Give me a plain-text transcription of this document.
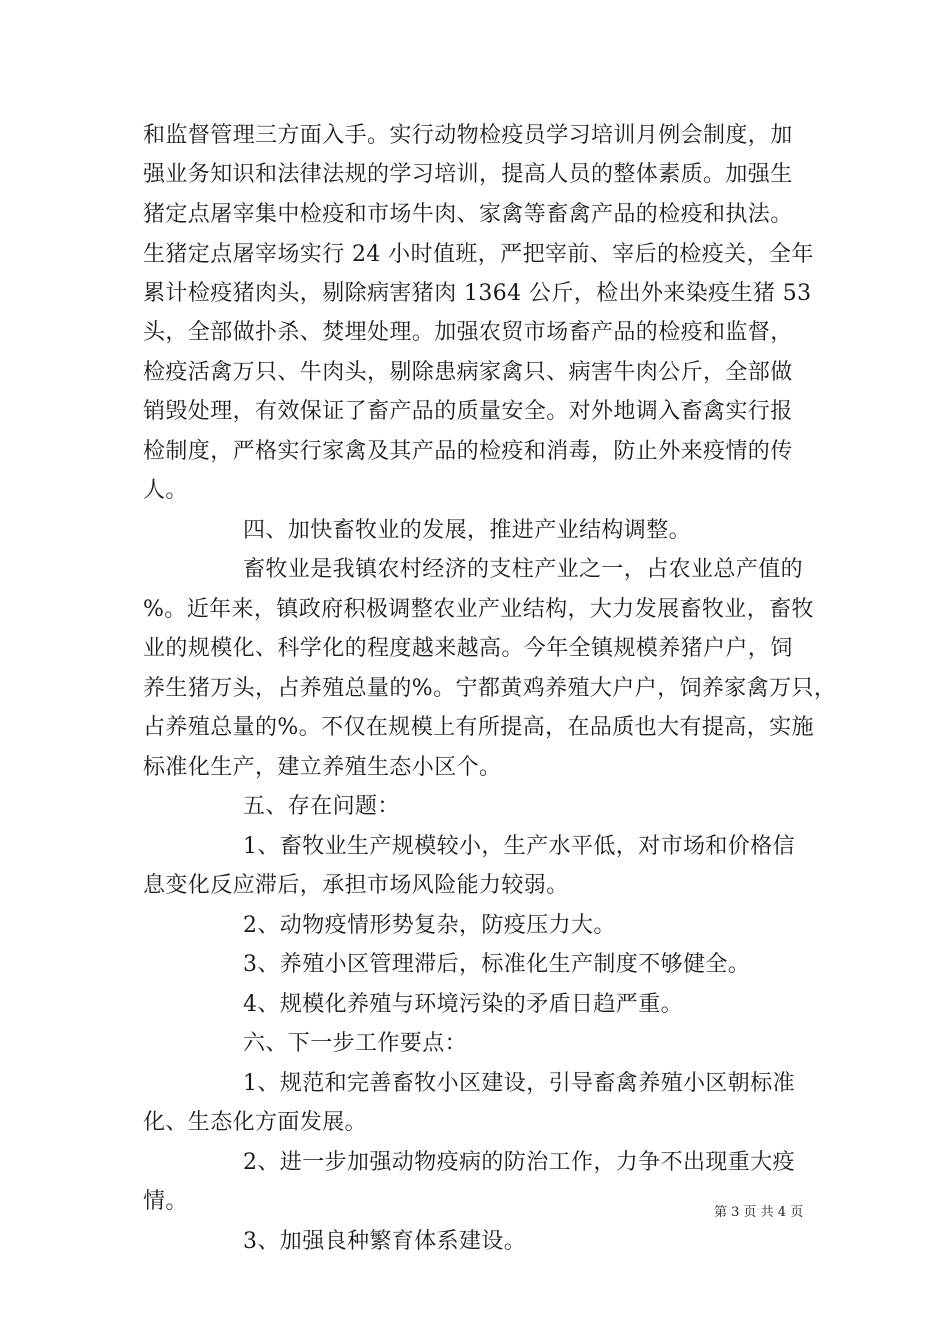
和监督管理三方面入手。实行动物检疫员学习培训月例会制度，加
强业务知识和法律法规的学习培训，提高人员的整体素质。加强生
猪定点屠宰集中检疫和市场牛肉、家禽等畜禽产品的检疫和执法。
生猪定点屠宰场实行 24 小时值班，严把宰前、宰后的检疫关，全年
累计检疫猪肉头，剔除病害猪肉 1364 公斤，检出外来染疫生猪 53
头，全部做扑杀、焚埋处理。加强农贸市场畜产品的检疫和监督，
检疫活禽万只、牛肉头，剔除患病家禽只、病害牛肉公斤，全部做
销毁处理，有效保证了畜产品的质量安全。对外地调入畜禽实行报
检制度，严格实行家禽及其产品的检疫和消毒，防止外来疫情的传
人。
四、加快畜牧业的发展，推进产业结构调整。
畜牧业是我镇农村经济的支柱产业之一，占农业总产值的
%。近年来，镇政府积极调整农业产业结构，大力发展畜牧业，畜牧
业的规模化、科学化的程度越来越高。今年全镇规模养猪户户，饲
养生猪万头，占养殖总量的%。宁都黄鸡养殖大户户，饲养家禽万只，
占养殖总量的%。不仅在规模上有所提高，在品质也大有提高，实施
标准化生产，建立养殖生态小区个。
五、存在问题：
1、畜牧业生产规模较小，生产水平低，对市场和价格信
息变化反应滞后，承担市场风险能力较弱。
2、动物疫情形势复杂，防疫压力大。
3、养殖小区管理滞后，标准化生产制度不够健全。
4、规模化养殖与环境污染的矛盾日趋严重。
六、下一步工作要点：
1、规范和完善畜牧小区建设，引导畜禽养殖小区朝标准
化、生态化方面发展。
2、进一步加强动物疫病的防治工作，力争不出现重大疫
情。
3、加强良种繁育体系建设。
第 3 页 共 4 页
